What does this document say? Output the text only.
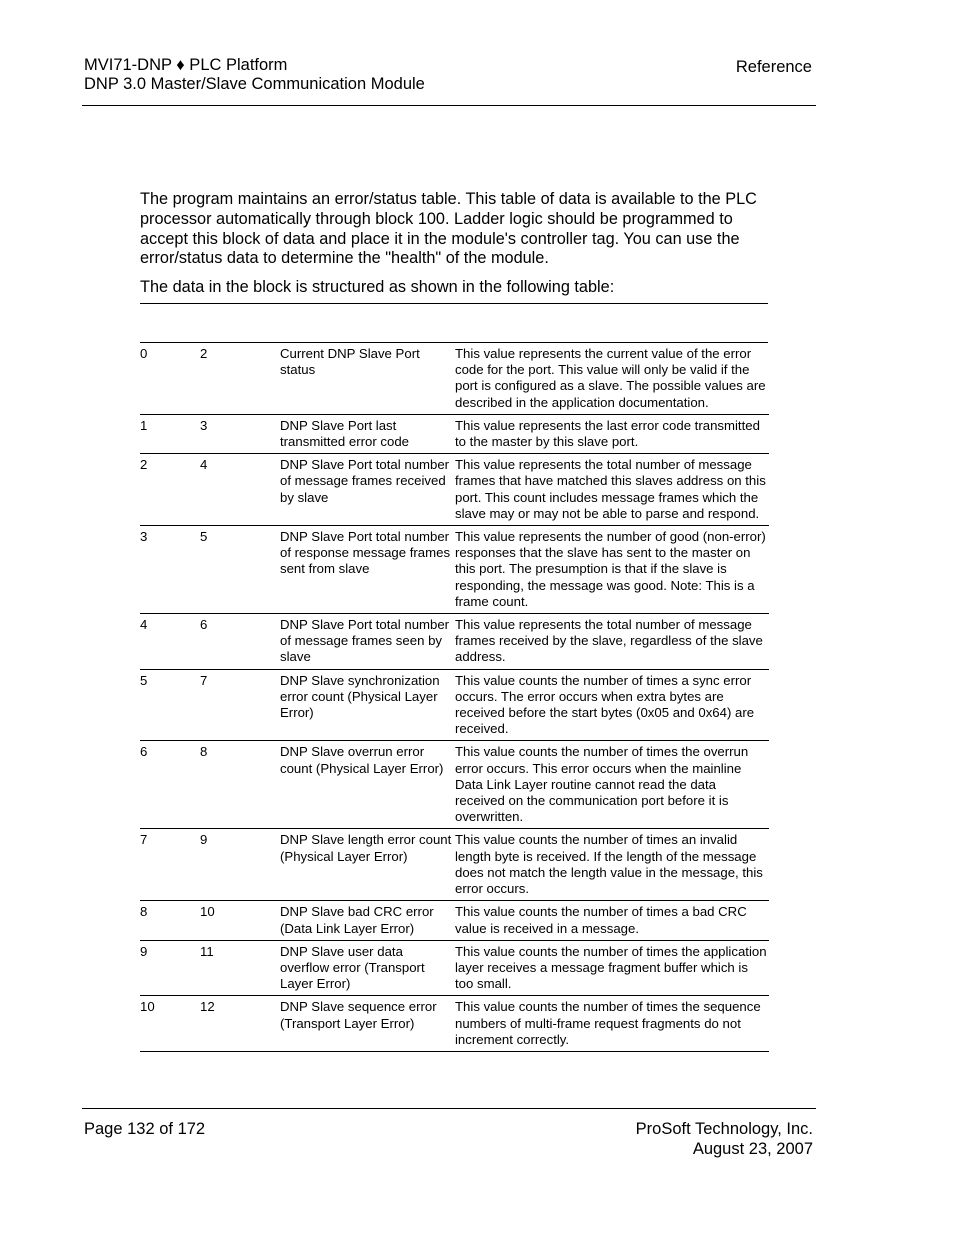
MVI71-DNP ♦ PLC Platform
DNP 3.0 Master/Slave Communication Module
Reference

The program maintains an error/status table. This table of data is available to the PLC processor automatically through block 100. Ladder logic should be programmed to accept this block of data and place it in the module's controller tag. You can use the error/status data to determine the "health" of the module.

The data in the block is structured as shown in the following table:

0	2	Current DNP Slave Port status	This value represents the current value of the error code for the port. This value will only be valid if the port is configured as a slave. The possible values are described in the application documentation.
1	3	DNP Slave Port last transmitted error code	This value represents the last error code transmitted to the master by this slave port.
2	4	DNP Slave Port total number of message frames received by slave	This value represents the total number of message frames that have matched this slaves address on this port. This count includes message frames which the slave may or may not be able to parse and respond.
3	5	DNP Slave Port total number of response message frames sent from slave	This value represents the number of good (non-error) responses that the slave has sent to the master on this port. The presumption is that if the slave is responding, the message was good. Note: This is a frame count.
4	6	DNP Slave Port total number of message frames seen by slave	This value represents the total number of message frames received by the slave, regardless of the slave address.
5	7	DNP Slave synchronization error count (Physical Layer Error)	This value counts the number of times a sync error occurs. The error occurs when extra bytes are received before the start bytes (0x05 and 0x64) are received.
6	8	DNP Slave overrun error count (Physical Layer Error)	This value counts the number of times the overrun error occurs. This error occurs when the mainline Data Link Layer routine cannot read the data received on the communication port before it is overwritten.
7	9	DNP Slave length error count (Physical Layer Error)	This value counts the number of times an invalid length byte is received. If the length of the message does not match the length value in the message, this error occurs.
8	10	DNP Slave bad CRC error (Data Link Layer Error)	This value counts the number of times a bad CRC value is received in a message.
9	11	DNP Slave user data overflow error (Transport Layer Error)	This value counts the number of times the application layer receives a message fragment buffer which is too small.
10	12	DNP Slave sequence error (Transport Layer Error)	This value counts the number of times the sequence numbers of multi-frame request fragments do not increment correctly.
Page 132 of 172	ProSoft Technology, Inc.
August 23, 2007
